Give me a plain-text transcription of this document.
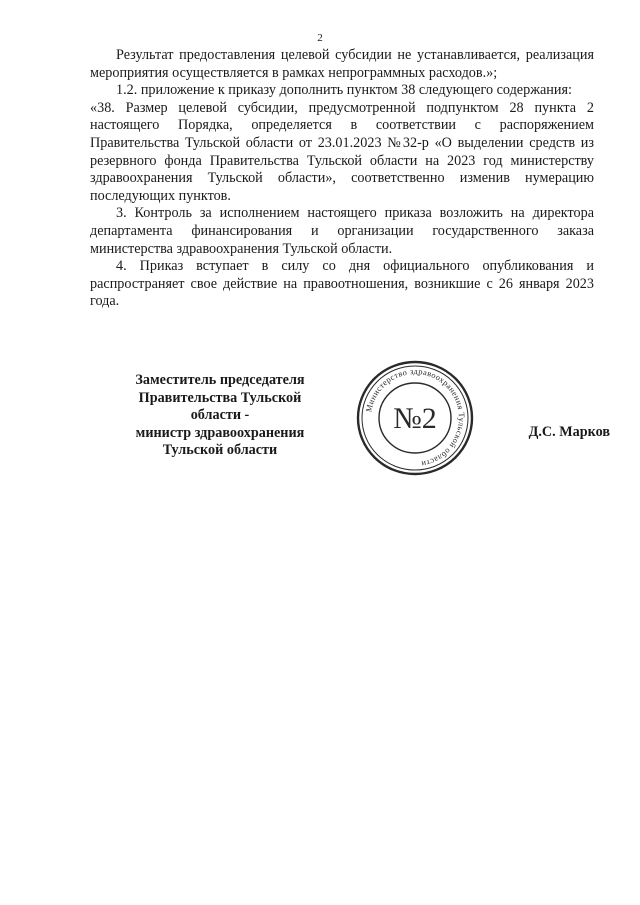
2

Результат предоставления целевой субсидии не устанавливается, реализация мероприятия осуществляется в рамках непрограммных расходов.»;

1.2. приложение к приказу дополнить пунктом 38 следующего содержания:

«38. Размер целевой субсидии, предусмотренной подпунктом 28 пункта 2 настоящего Порядка, определяется в соответствии с распоряжением Правительства Тульской области от 23.01.2023 №32-р «О выделении средств из резервного фонда Правительства Тульской области на 2023 год министерству здравоохранения Тульской области», соответственно изменив нумерацию последующих пунктов.

3. Контроль за исполнением настоящего приказа возложить на директора департамента финансирования и организации государственного заказа министерства здравоохранения Тульской области.

4. Приказ вступает в силу со дня официального опубликования и распространяет свое действие на правоотношения, возникшие с 26 января 2023 года.

Заместитель председателя
Правительства Тульской области -
министр здравоохранения
Тульской области
Д.С. Марков
Министерство здравоохранения Тульской области
№2
